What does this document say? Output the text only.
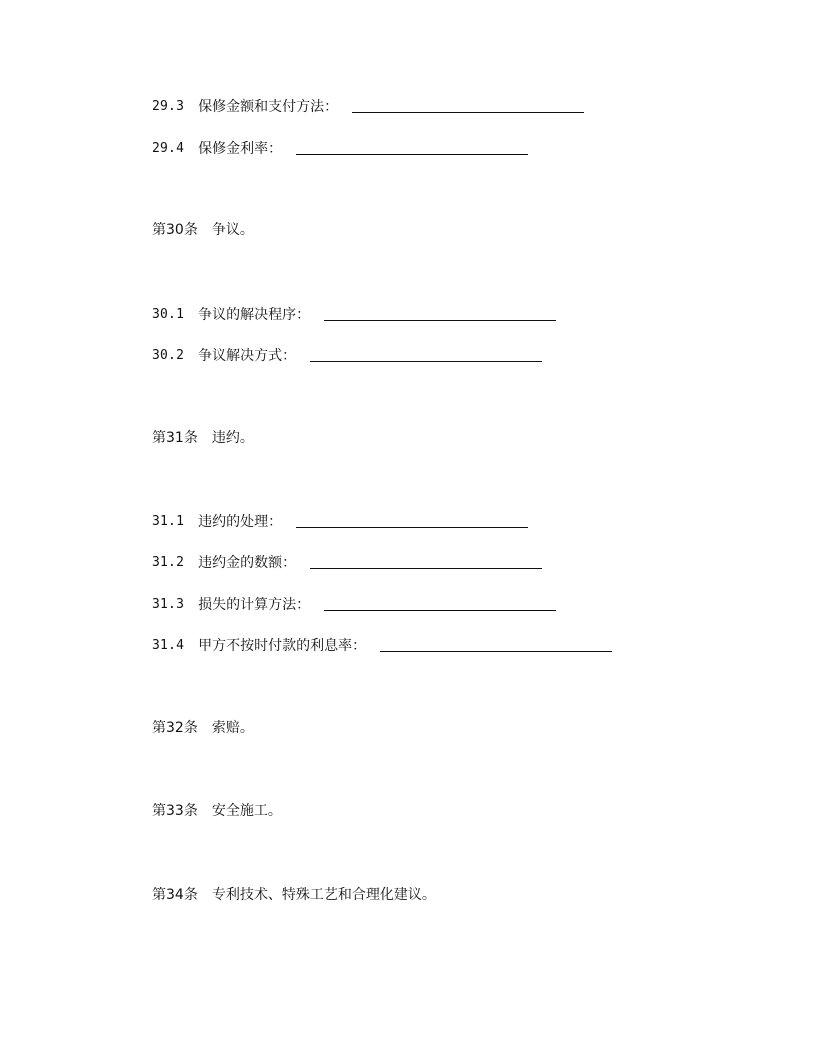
29.3 保修金额和支付方法：
29.4 保修金利率：
第30条 争议。
30.1 争议的解决程序：
30.2 争议解决方式：
第31条 违约。
31.1 违约的处理：
31.2 违约金的数额：
31.3 损失的计算方法：
31.4 甲方不按时付款的利息率：
第32条 索赔。
第33条 安全施工。
第34条 专利技术、特殊工艺和合理化建议。
